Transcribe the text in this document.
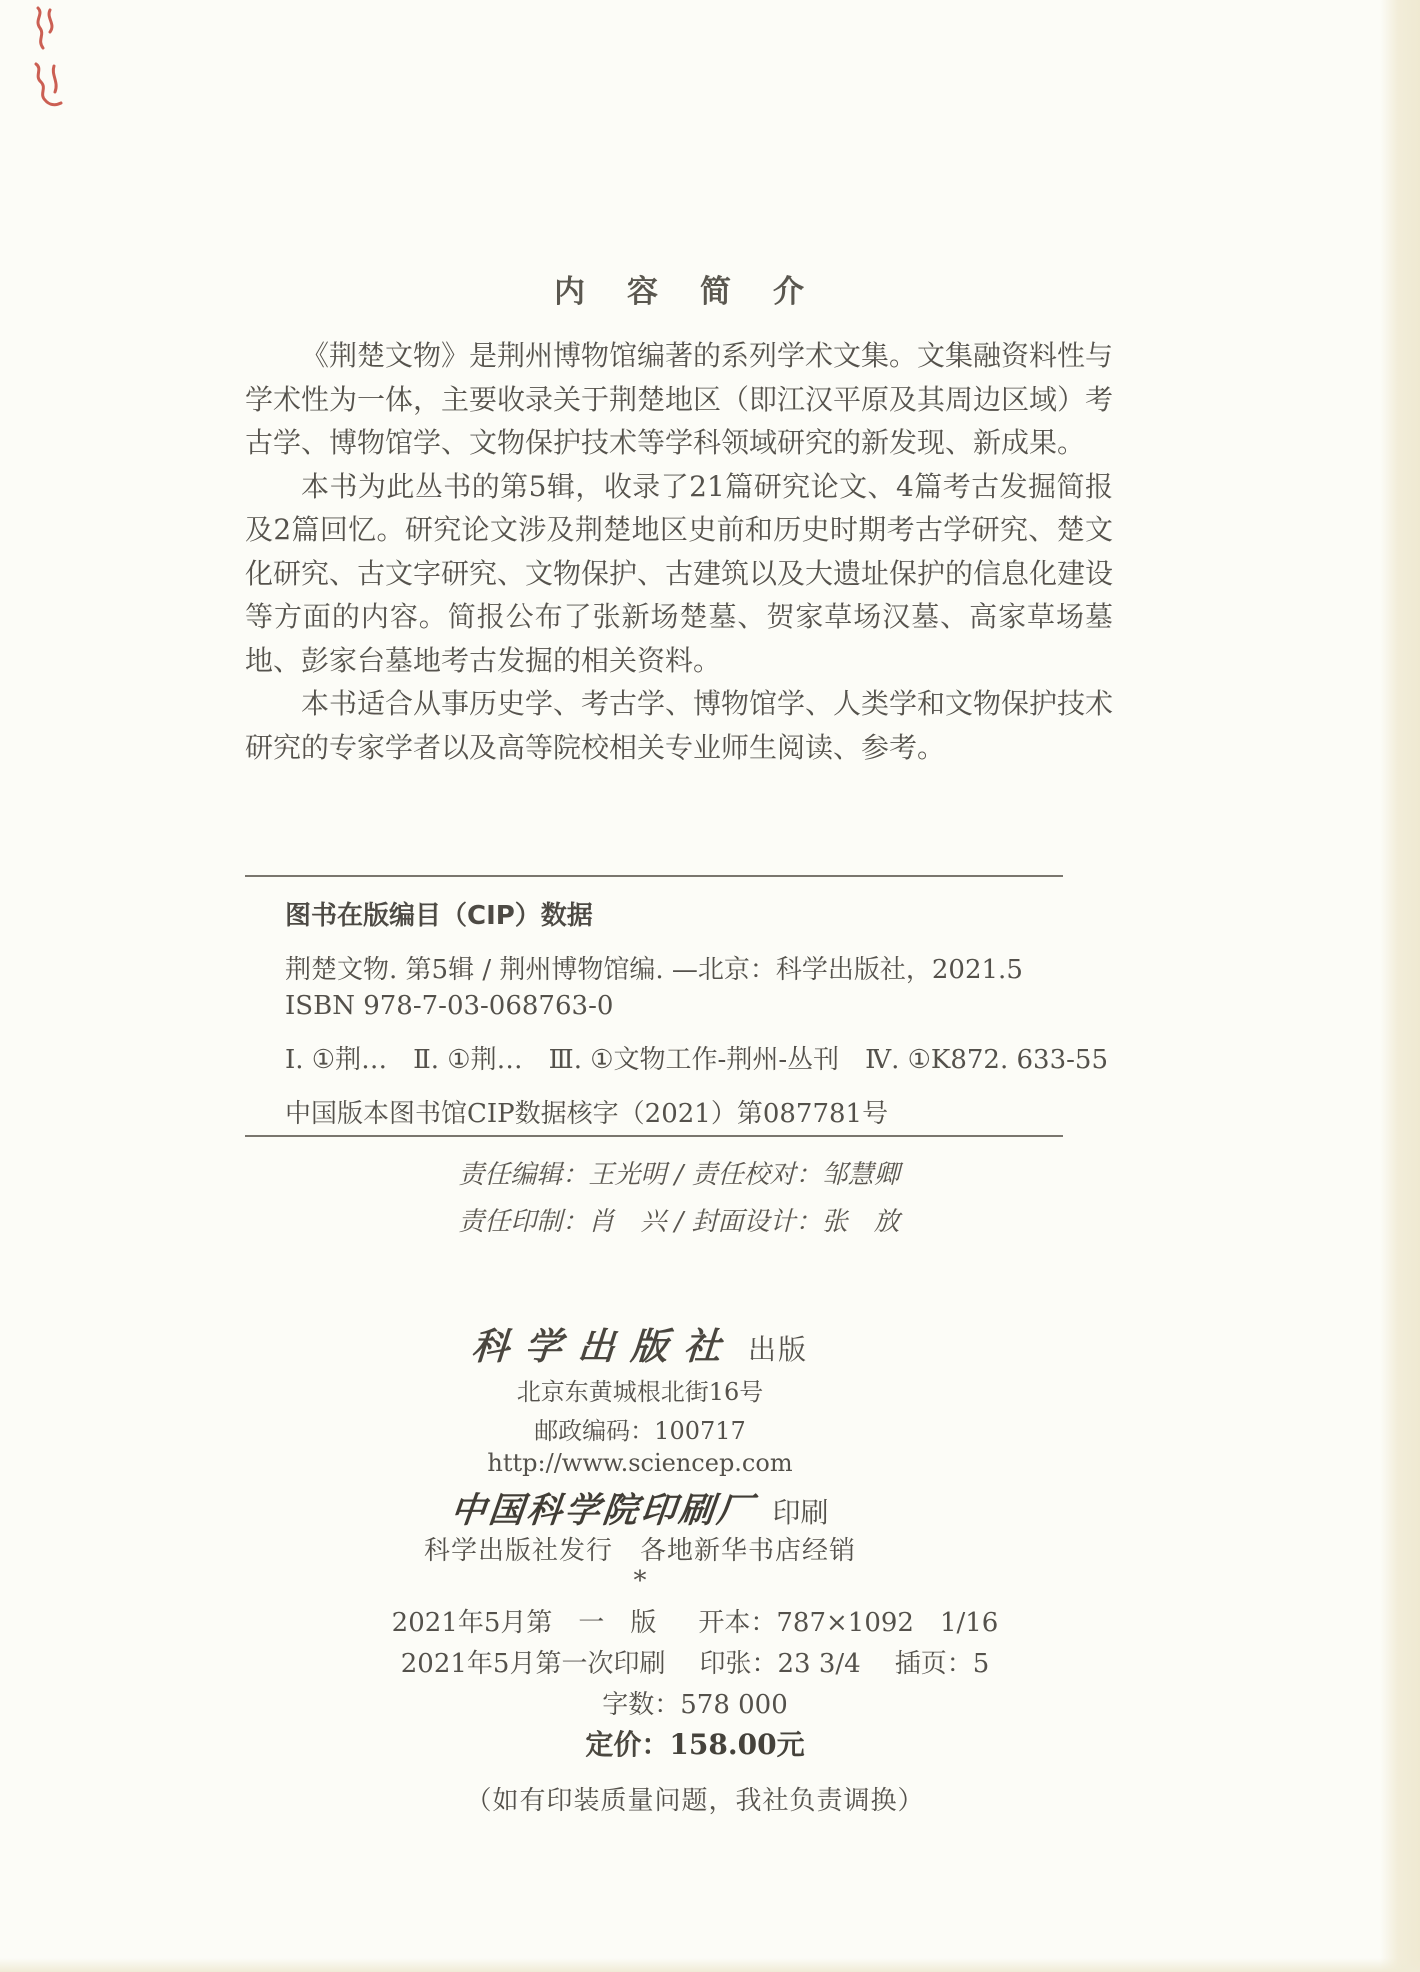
内容简介

《荆楚文物》是荆州博物馆编著的系列学术文集。文集融资料性与学术性为一体，主要收录关于荆楚地区（即江汉平原及其周边区域）考古学、博物馆学、文物保护技术等学科领域研究的新发现、新成果。

本书为此丛书的第5辑，收录了21篇研究论文、4篇考古发掘简报及2篇回忆。研究论文涉及荆楚地区史前和历史时期考古学研究、楚文化研究、古文字研究、文物保护、古建筑以及大遗址保护的信息化建设等方面的内容。简报公布了张新场楚墓、贺家草场汉墓、高家草场墓地、彭家台墓地考古发掘的相关资料。

本书适合从事历史学、考古学、博物馆学、人类学和文物保护技术研究的专家学者以及高等院校相关专业师生阅读、参考。

图书在版编目（CIP）数据
荆楚文物. 第5辑 / 荆州博物馆编. —北京：科学出版社，2021.5
ISBN 978-7-03-068763-0
Ⅰ. ①荆…　Ⅱ. ①荆…　Ⅲ. ①文物工作-荆州-丛刊　Ⅳ. ①K872. 633-55
中国版本图书馆CIP数据核字（2021）第087781号
责任编辑：王光明 / 责任校对：邹慧卿
责任印制：肖　兴 / 封面设计：张　放
科学出版社 出版
北京东黄城根北街16号
邮政编码：100717
http://www.sciencep.com
中国科学院印刷厂 印刷
科学出版社发行　各地新华书店经销
*
2021年5月第　一　版 开本：787×1092　1/16
2021年5月第一次印刷 印张：23 3/4 插页：5
字数：578 000
定价：158.00元
（如有印装质量问题，我社负责调换）
